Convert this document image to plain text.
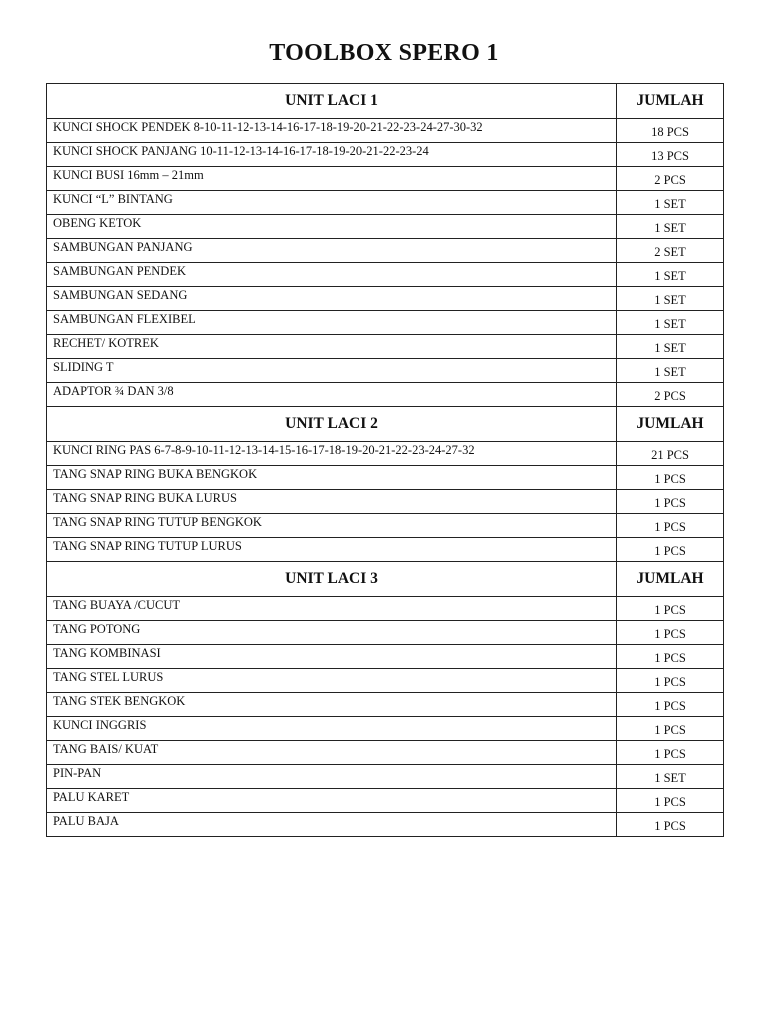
TOOLBOX SPERO 1
UNIT LACI 1	JUMLAH
KUNCI SHOCK PENDEK 8-10-11-12-13-14-16-17-18-19-20-21-22-23-24-27-30-32	18 PCS
KUNCI SHOCK PANJANG 10-11-12-13-14-16-17-18-19-20-21-22-23-24	13 PCS
KUNCI BUSI 16mm – 21mm	2 PCS
KUNCI “L” BINTANG	1 SET
OBENG KETOK	1 SET
SAMBUNGAN PANJANG	2 SET
SAMBUNGAN PENDEK	1 SET
SAMBUNGAN SEDANG	1 SET
SAMBUNGAN FLEXIBEL	1 SET
RECHET/ KOTREK	1 SET
SLIDING T	1 SET
ADAPTOR ¾ DAN 3/8	2 PCS
UNIT LACI 2	JUMLAH
KUNCI RING PAS 6-7-8-9-10-11-12-13-14-15-16-17-18-19-20-21-22-23-24-27-32	21 PCS
TANG SNAP RING BUKA BENGKOK	1 PCS
TANG SNAP RING BUKA LURUS	1 PCS
TANG SNAP RING TUTUP BENGKOK	1 PCS
TANG SNAP RING TUTUP LURUS	1 PCS
UNIT LACI 3	JUMLAH
TANG BUAYA /CUCUT	1 PCS
TANG POTONG	1 PCS
TANG KOMBINASI	1 PCS
TANG STEL LURUS	1 PCS
TANG STEK BENGKOK	1 PCS
KUNCI INGGRIS	1 PCS
TANG BAIS/ KUAT	1 PCS
PIN-PAN	1 SET
PALU KARET	1 PCS
PALU BAJA	1 PCS
